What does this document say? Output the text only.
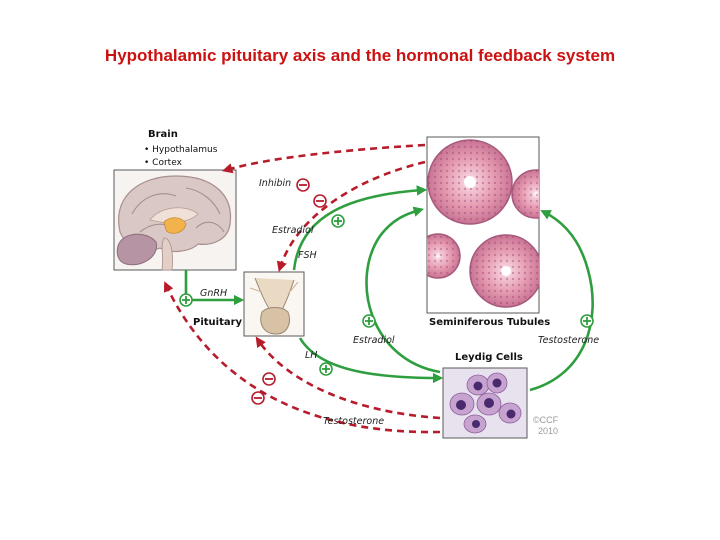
Hypothalamic pituitary axis and the hormonal feedback system
Brain
• Hypothalamus
• Cortex
Seminiferous Tubules
Leydig Cells
Inhibin
Estradiol
FSH
GnRH
Pituitary
LH
Testosterone
Estradiol	Testosterone
©CCF
2010
